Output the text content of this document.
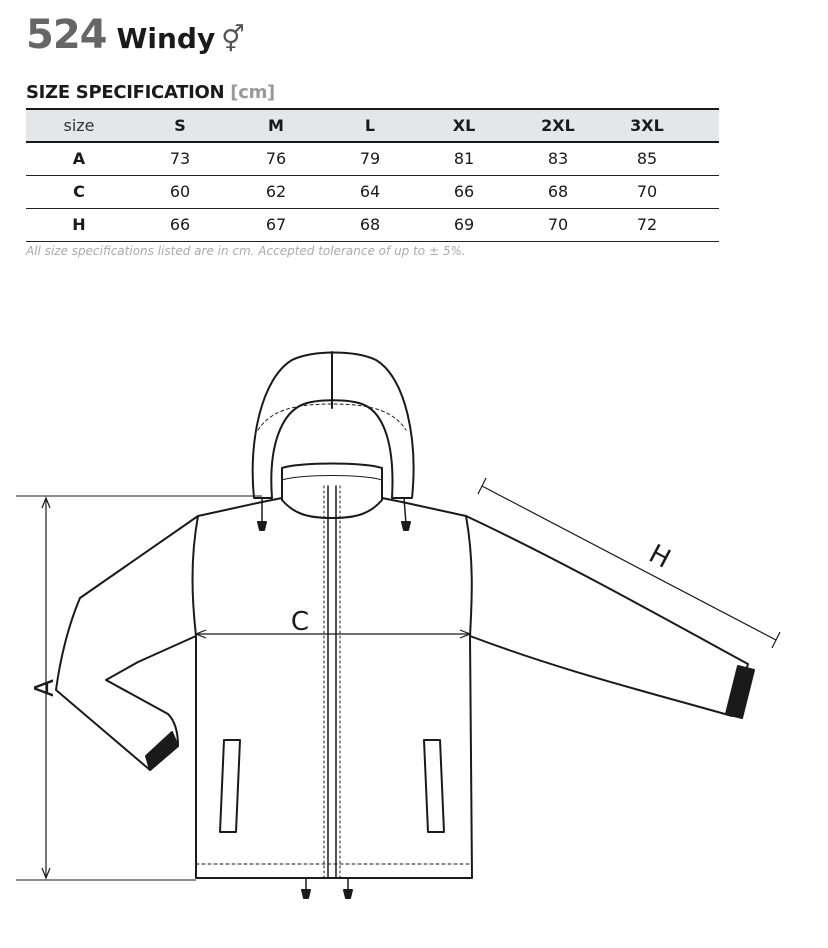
524 Windy ⚥
SIZE SPECIFICATION [cm]
size	S	M	L	XL	2XL	3XL	
A	73	76	79	81	83	85	
C	60	62	64	66	68	70	
H	66	67	68	69	70	72	
All size specifications listed are in cm. Accepted tolerance of up to ± 5%.
A
C
H
